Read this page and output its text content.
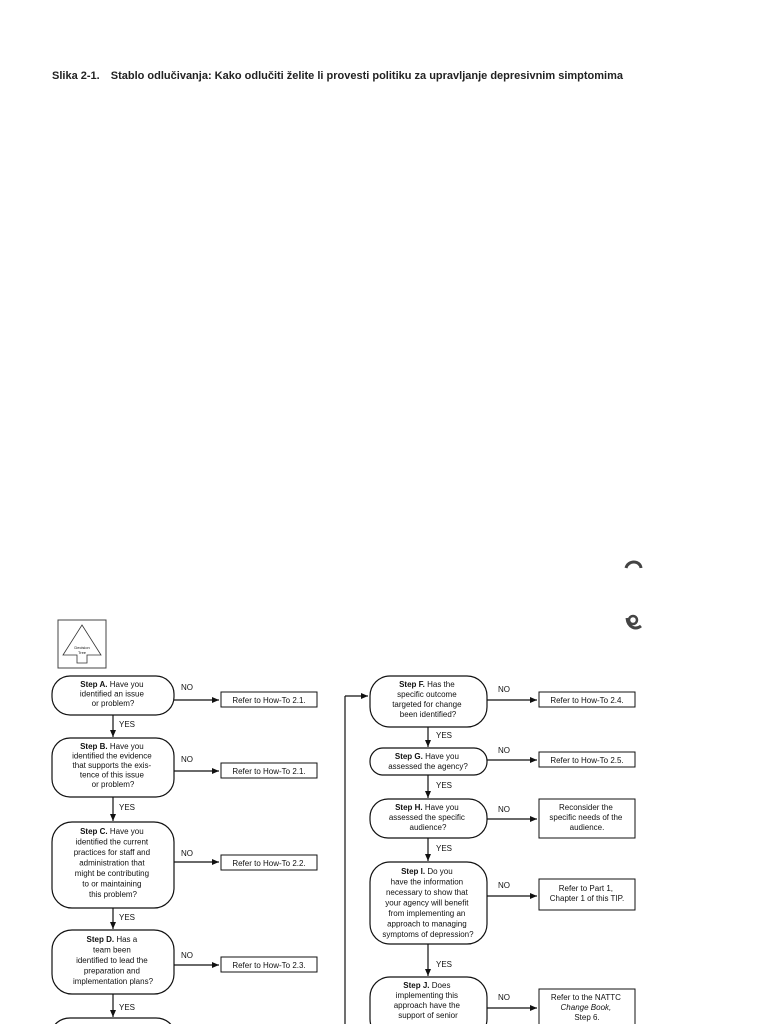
Slika 2-1. Stablo odlučivanja: Kako odlučiti želite li provesti politiku za upravljanje depresivnim simptomima
Decision
Tree
Step A. Have you identified an issue or problem?
Step B. Have you identified the evidence that supports the exis- tence of this issue or problem?
Step C. Have you identified the current practices for staff and administration that might be contributing to or maintaining this problem?
Step D. Has a team been identified to lead the preparation and implementation plans?
YES
YES
YES
YES
NO
NO
NO
NO
Refer to How-To 2.1.
Refer to How-To 2.1.
Refer to How-To 2.2.
Refer to How-To 2.3.
Step F. Has the specific outcome targeted for change been identified?
Step G. Have you assessed the agency?
Step H. Have you assessed the specific audience?
Step I. Do you have the information necessary to show that your agency will benefit from implementing an approach to managing symptoms of depression?
Step J. Does implementing this approach have the support of senior
YES
YES
YES
YES
NO
NO
NO
NO
NO
Refer to How-To 2.4.
Refer to How-To 2.5.
Reconsider the specific needs of the audience.
Refer to Part 1, Chapter 1 of this TIP.
Refer to the NATTC Change Book, Step 6.
